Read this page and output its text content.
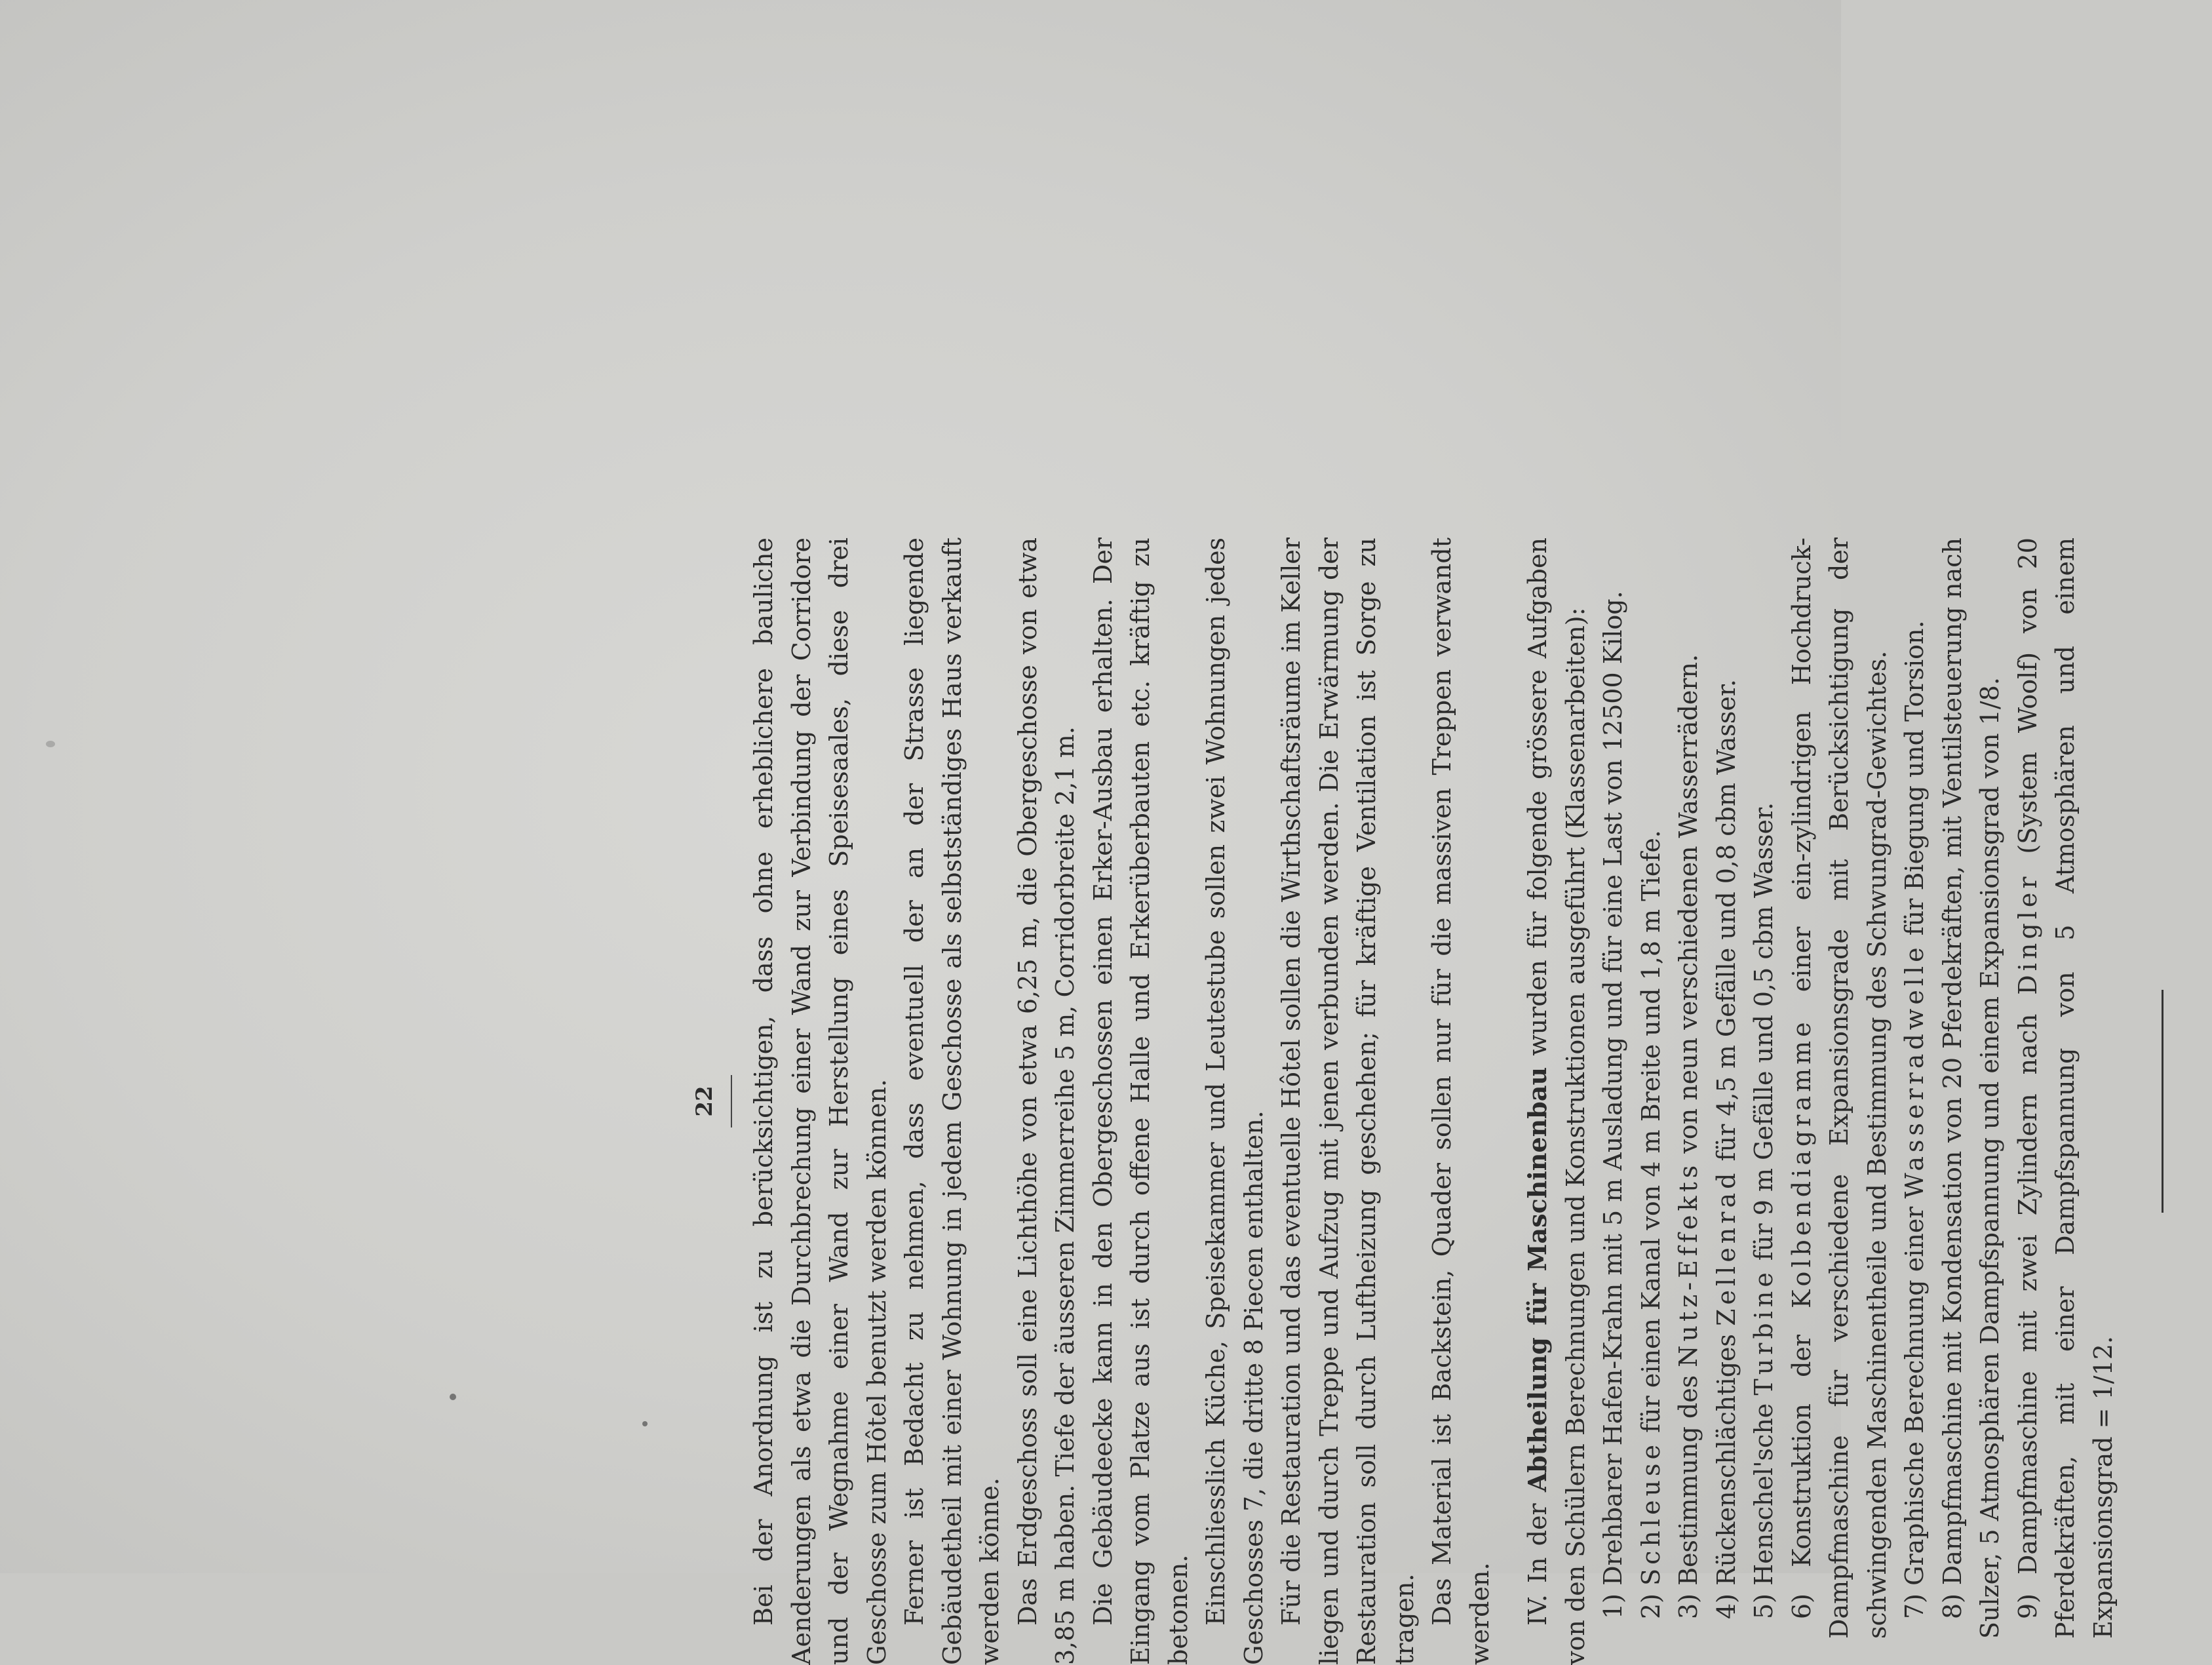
22 Bei der Anordnung ist zu berücksichtigen, dass ohne erheblichere bauliche Aenderungen als etwa die Durchbrechung einer Wand zur Verbindung der Corridore und der Wegnahme einer Wand zur Herstellung eines Speisesaales, diese drei Geschosse zum Hôtel benutzt werden können. Ferner ist Bedacht zu nehmen, dass eventuell der an der Strasse liegende Gebäudetheil mit einer Wohnung in jedem Geschosse als selbstständiges Haus verkauft werden könne. Das Erdgeschoss soll eine Lichthöhe von etwa 6,25 m, die Obergeschosse von etwa 3,85 m haben. Tiefe der äusseren Zimmerreihe 5 m, Corridorbreite 2,1 m. Die Gebäudeecke kann in den Obergeschossen einen Erker-Ausbau erhalten. Der Eingang vom Platze aus ist durch offene Halle und Erkerüberbauten etc. kräftig zu betonen. Einschliesslich Küche, Speisekammer und Leutestube sollen zwei Wohnungen jedes Geschosses 7, die dritte 8 Piecen enthalten. Für die Restauration und das eventuelle Hôtel sollen die Wirthschaftsräume im Keller liegen und durch Treppe und Aufzug mit jenen verbunden werden. Die Erwärmung der Restauration soll durch Luftheizung geschehen; für kräftige Ventilation ist Sorge zu tragen. Das Material ist Backstein, Quader sollen nur für die massiven Treppen verwandt werden. IV. In der Abtheilung für Maschinenbau wurden für folgende grössere Aufgaben von den Schülern Berechnungen und Konstruktionen ausgeführt (Klassenarbeiten): 1) Drehbarer Hafen-Krahn mit 5 m Ausladung und für eine Last von 12500 Kilog.

2) Schleuse für einen Kanal von 4 m Breite und 1,8 m Tiefe.

3) Bestimmung des Nutz-Effekts von neun verschiedenen Wasserrädern.

4) Rückenschlächtiges Zellenrad für 4,5 m Gefälle und 0,8 cbm Wasser.

5) Henschel'sche Turbine für 9 m Gefälle und 0,5 cbm Wasser.

6) Konstruktion der Kolbendiagramme einer ein-zylindrigen Hochdruck-Dampfmaschine für verschiedene Expansionsgrade mit Berücksichtigung der schwingenden Maschinentheile und Bestimmung des Schwungrad-Gewichtes. 7) Graphische Berechnung einer Wasserradwelle für Biegung und Torsion.

8) Dampfmaschine mit Kondensation von 20 Pferdekräften, mit Ventilsteuerung nach Sulzer, 5 Atmosphären Dampfspannung und einem Expansionsgrad von 1/8. 9) Dampfmaschine mit zwei Zylindern nach Dingler (System Woolf) von 20 Pferdekräften, mit einer Dampfspannung von 5 Atmosphären und einem Expansionsgrad = 1/12.
